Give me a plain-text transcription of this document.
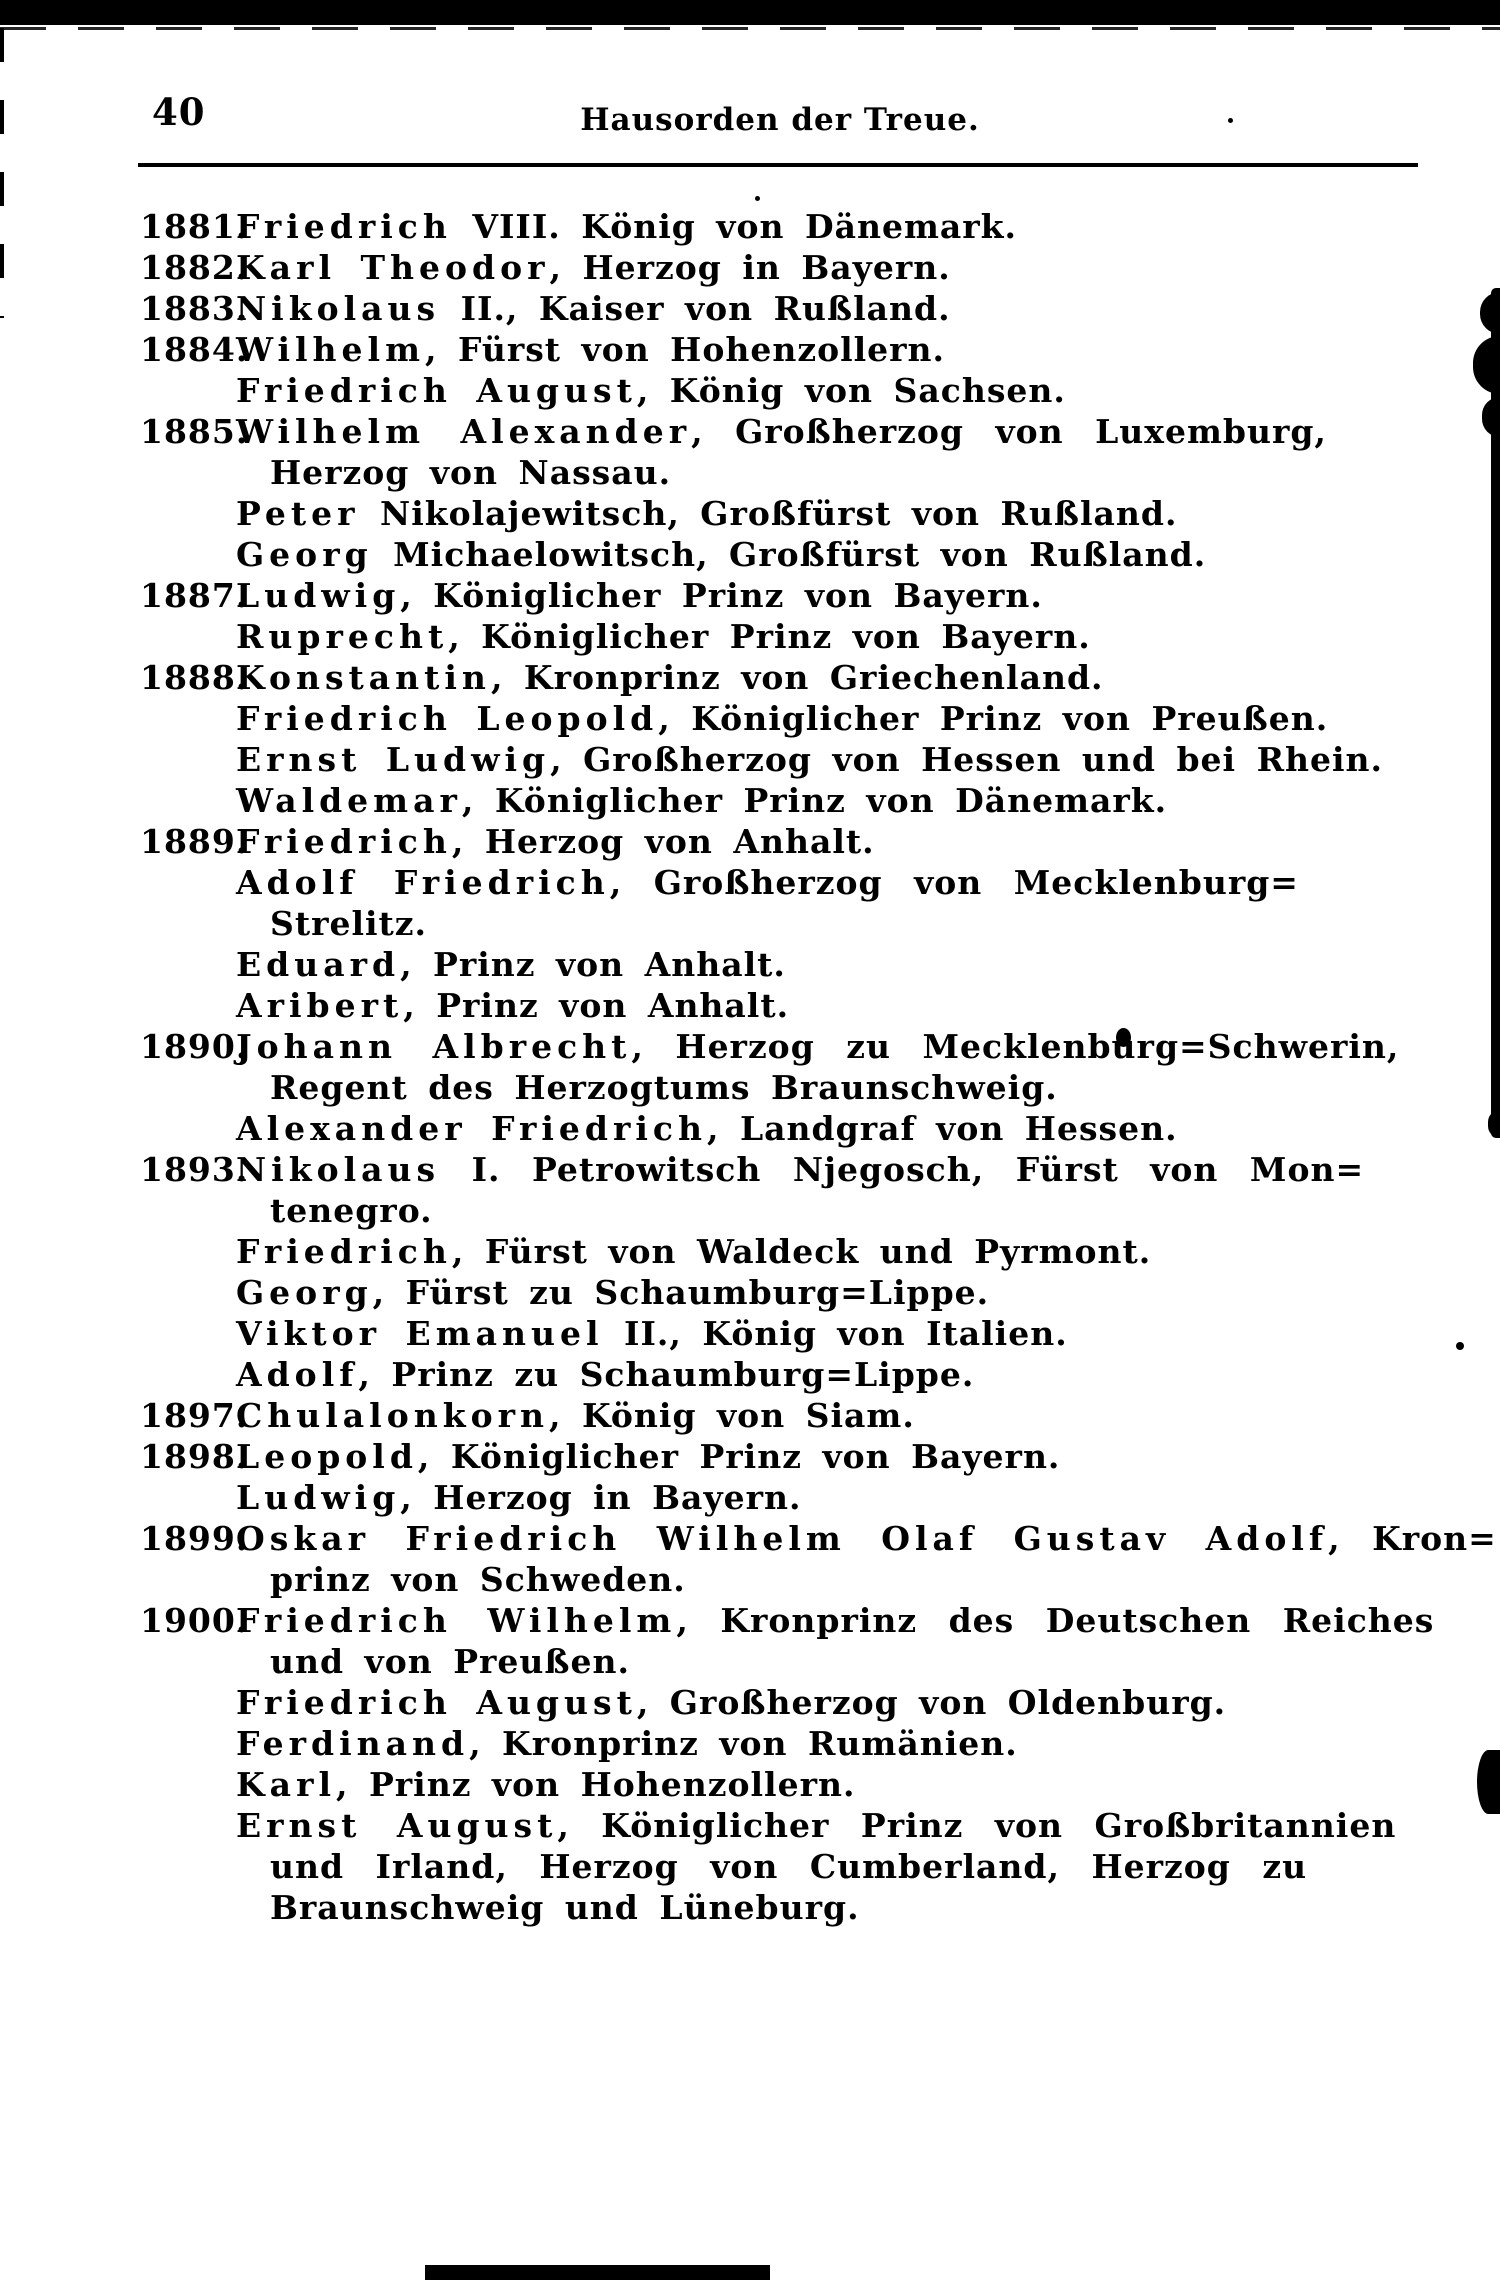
40	Hausorden der Treue.
1881.Friedrich VIII. König von Dänemark.
1882.Karl Theodor, Herzog in Bayern.
1883.Nikolaus II., Kaiser von Rußland.
1884.Wilhelm, Fürst von Hohenzollern.
Friedrich August, König von Sachsen.
1885.Wilhelm Alexander, Großherzog von Luxemburg,
Herzog von Nassau.
Peter Nikolajewitsch, Großfürst von Rußland.
Georg Michaelowitsch, Großfürst von Rußland.
1887.Ludwig, Königlicher Prinz von Bayern.
Ruprecht, Königlicher Prinz von Bayern.
1888.Konstantin, Kronprinz von Griechenland.
Friedrich Leopold, Königlicher Prinz von Preußen.
Ernst Ludwig, Großherzog von Hessen und bei Rhein.
Waldemar, Königlicher Prinz von Dänemark.
1889.Friedrich, Herzog von Anhalt.
Adolf Friedrich, Großherzog von Mecklenburg=
Strelitz.
Eduard, Prinz von Anhalt.
Aribert, Prinz von Anhalt.
1890.Johann Albrecht, Herzog zu Mecklenburg=Schwerin,
Regent des Herzogtums Braunschweig.
Alexander Friedrich, Landgraf von Hessen.
1893.Nikolaus I. Petrowitsch Njegosch, Fürst von Mon=
tenegro.
Friedrich, Fürst von Waldeck und Pyrmont.
Georg, Fürst zu Schaumburg=Lippe.
Viktor Emanuel II., König von Italien.
Adolf, Prinz zu Schaumburg=Lippe.
1897.Chulalonkorn, König von Siam.
1898.Leopold, Königlicher Prinz von Bayern.
Ludwig, Herzog in Bayern.
1899.Oskar Friedrich Wilhelm Olaf Gustav Adolf, Kron=
prinz von Schweden.
1900.Friedrich Wilhelm, Kronprinz des Deutschen Reiches
und von Preußen.
Friedrich August, Großherzog von Oldenburg.
Ferdinand, Kronprinz von Rumänien.
Karl, Prinz von Hohenzollern.
Ernst August, Königlicher Prinz von Großbritannien
und Irland, Herzog von Cumberland, Herzog zu
Braunschweig und Lüneburg.
